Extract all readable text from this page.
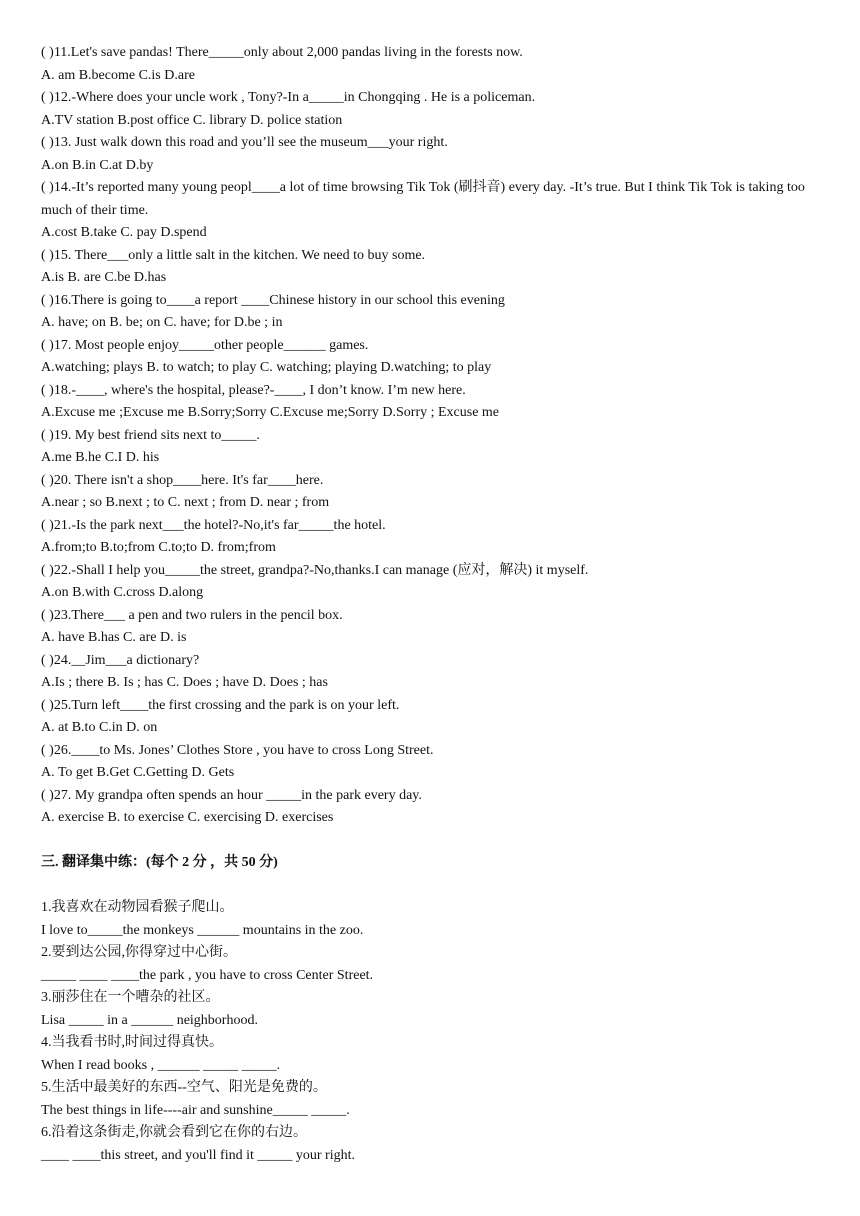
( )11.Let's save pandas! There_____only about 2,000 pandas living in the forests now.
A. am B.become C.is D.are
( )12.-Where does your uncle work , Tony?-In a_____in Chongqing . He is a policeman.
A.TV station B.post office C. library D. police station
( )13. Just walk down this road and you’ll see the museum___your right.
A.on B.in C.at D.by
( )14.-It’s reported many young peopl____a lot of time browsing Tik Tok (刷抖音) every day. -It’s true. But I think Tik Tok is taking too much of their time.
A.cost B.take C. pay D.spend
( )15. There___only a little salt in the kitchen. We need to buy some.
A.is B. are C.be D.has
( )16.There is going to____a report ____Chinese history in our school this evening
A. have; on B. be; on C. have; for D.be ; in
( )17. Most people enjoy_____other people______ games.
A.watching; plays B. to watch; to play C. watching; playing D.watching; to play
( )18.-____, where's the hospital, please?-____, I don’t know. I’m new here.
A.Excuse me ;Excuse me B.Sorry;Sorry C.Excuse me;Sorry D.Sorry ; Excuse me
( )19. My best friend sits next to_____.
A.me B.he C.I D. his
( )20. There isn't a shop____here. It's far____here.
A.near ; so B.next ; to C. next ; from D. near ; from
( )21.-Is the park next___the hotel?-No,it's far_____the hotel.
A.from;to B.to;from C.to;to D. from;from
( )22.-Shall I help you_____the street, grandpa?-No,thanks.I can manage (应对，解决) it myself.
A.on B.with C.cross D.along
( )23.There___ a pen and two rulers in the pencil box.
A. have B.has C. are D. is
( )24.__Jim___a dictionary?
A.Is ; there B. Is ; has C. Does ; have D. Does ; has
( )25.Turn left____the first crossing and the park is on your left.
A. at B.to C.in D. on
( )26.____to Ms. Jones’ Clothes Store , you have to cross Long Street.
A. To get B.Get C.Getting D. Gets
( )27. My grandpa often spends an hour _____in the park every day.
A. exercise B. to exercise C. exercising D. exercises
三. 翻译集中练：(每个 2 分 ，共 50 分)
1.我喜欢在动物园看猴子爬山。
I love to_____the monkeys ______ mountains in the zoo.
2.要到达公园,你得穿过中心街。
_____ ____ ____the park , you have to cross Center Street.
3.丽莎住在一个嘈杂的社区。
Lisa _____ in a ______ neighborhood.
4.当我看书时,时间过得真快。
When I read books , ______ _____ _____.
5.生活中最美好的东西--空气、阳光是免费的。
The best things in life----air and sunshine_____ _____.
6.沿着这条街走,你就会看到它在你的右边。
____ ____this street, and you'll find it _____ your right.
